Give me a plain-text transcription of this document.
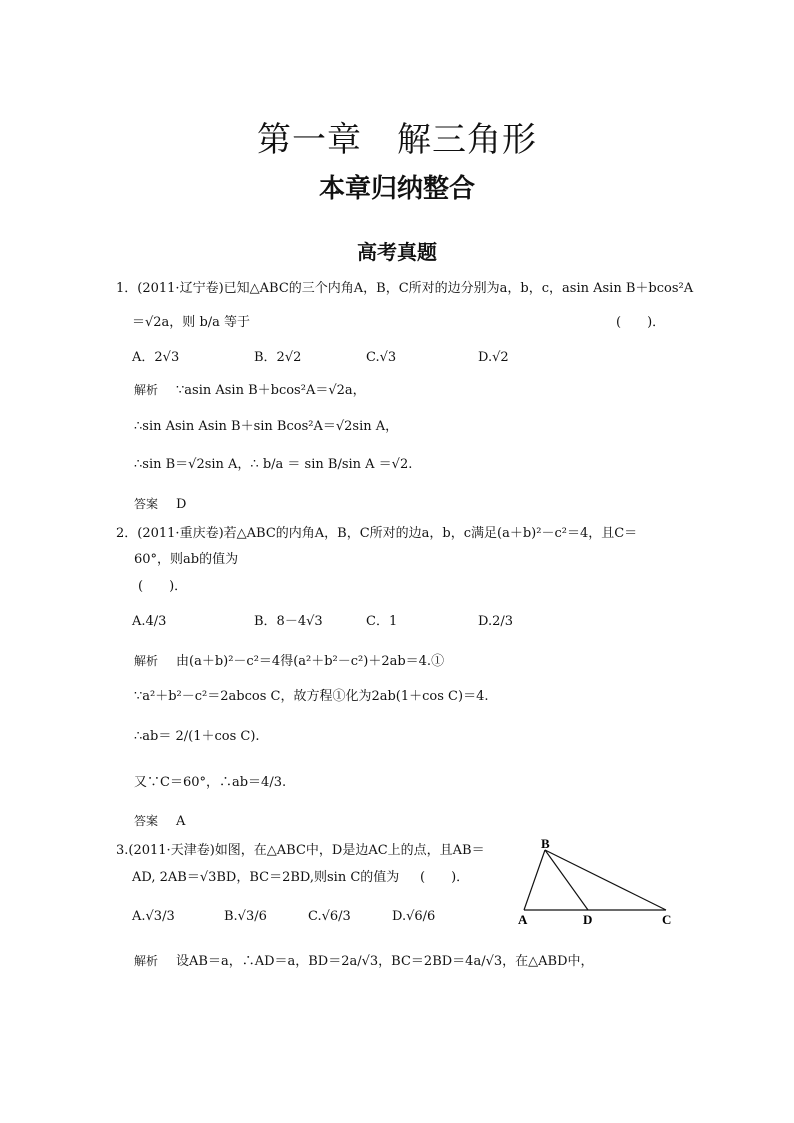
第一章　解三角形
本章归纳整合
高考真题
1．(2011·辽宁卷)已知△ABC的三个内角A，B，C所对的边分别为a，b，c，asin Asin B＋bcos²A
＝√2a，则 b/a 等于	(　　)．
A．2√3	B．2√2	C.√3	D.√2
解析 ∵asin Asin B＋bcos²A＝√2a，
∴sin Asin Asin B＋sin Bcos²A＝√2sin A，
∴sin B＝√2sin A，∴ b/a ＝ sin B/sin A ＝√2.
答案 D
2．(2011·重庆卷)若△ABC的内角A，B，C所对的边a，b，c满足(a＋b)²－c²＝4，且C＝
60°，则ab的值为
(　　)．
A.4/3	B．8－4√3	C．1	D.2/3
解析 由(a＋b)²－c²＝4得(a²＋b²－c²)＋2ab＝4.①
∵a²＋b²－c²＝2abcos C，故方程①化为2ab(1＋cos C)＝4.
∴ab＝ 2/(1＋cos C).
又∵C＝60°，∴ab＝4/3.
答案 A
3.(2011·天津卷)如图，在△ABC中，D是边AC上的点，且AB＝
AD, 2AB＝√3BD，BC＝2BD,则sin C的值为 (　　)．
A.√3/3	B.√3/6	C.√6/3	D.√6/6
解析 设AB＝a，∴AD＝a，BD＝2a/√3，BC＝2BD＝4a/√3，在△ABD中，
B
A	D	C
